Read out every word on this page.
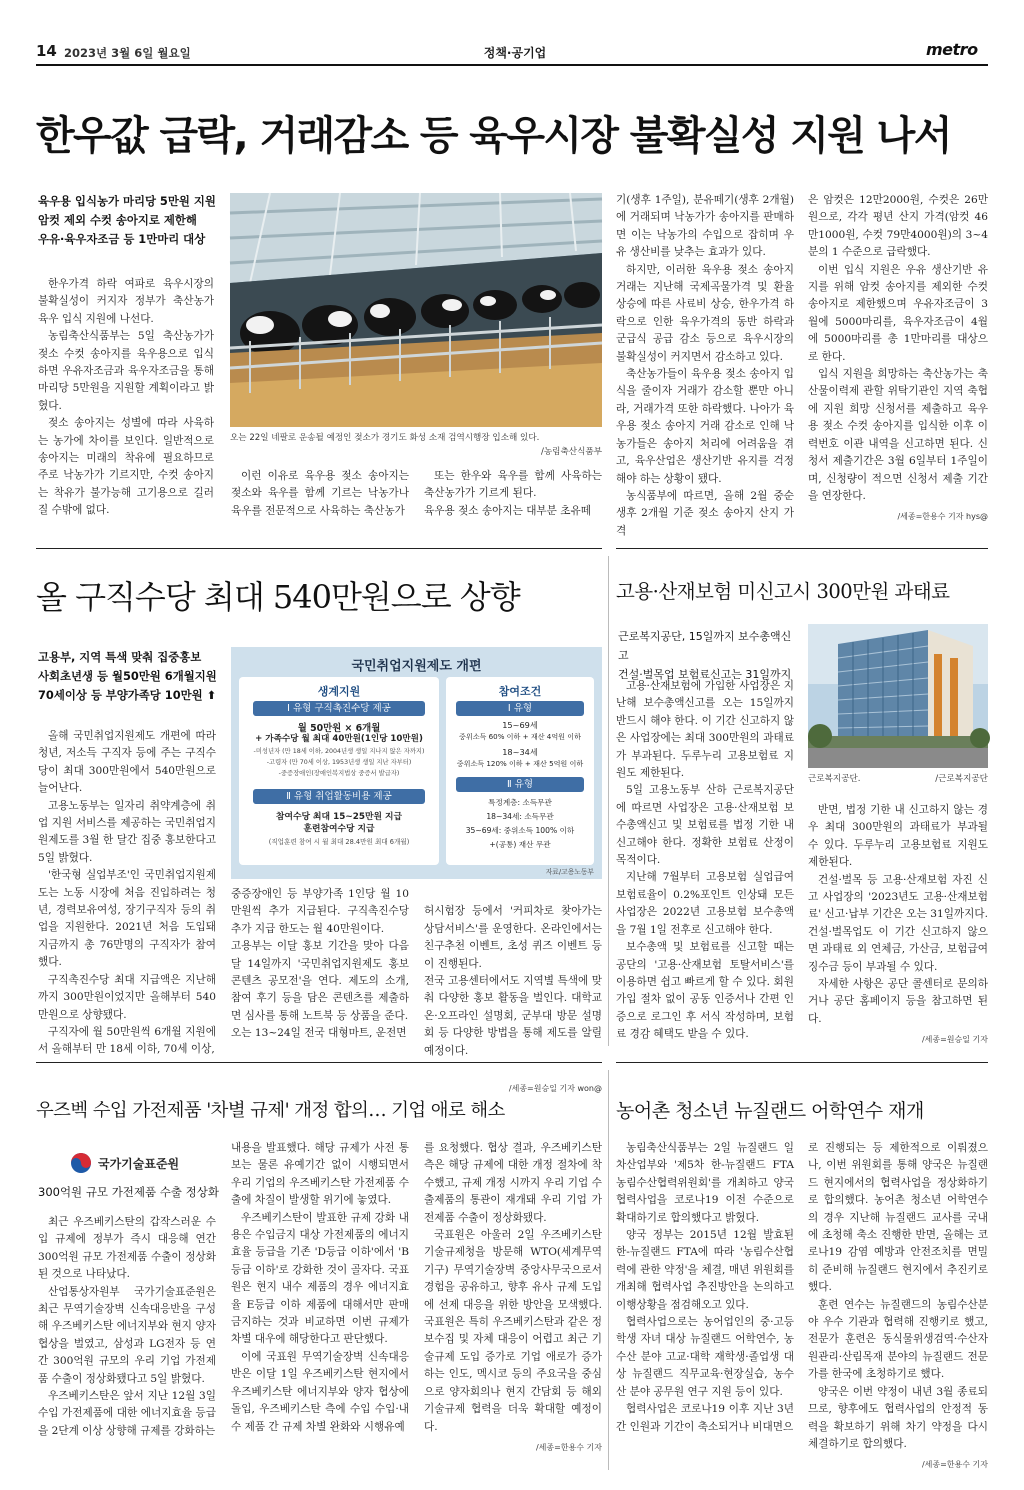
14 2023년 3월 6일 월요일	정책·공기업	metro
한우값 급락, 거래감소 등 육우시장 불확실성 지원 나서
육우용 입식농가 마리당 5만원 지원
암컷 제외 수컷 송아지로 제한해
우유·육우자조금 등 1만마리 대상

한우가격 하락 여파로 육우시장의 불확실성이 커지자 정부가 축산농가 육우 입식 지원에 나선다.

농림축산식품부는 5일 축산농가가 젖소 수컷 송아지를 육우용으로 입식하면 우유자조금과 육우자조금을 통해 마리당 5만원을 지원할 계획이라고 밝혔다.

젖소 송아지는 성별에 따라 사육하는 농가에 차이를 보인다. 일반적으로 송아지는 미래의 착유에 필요하므로 주로 낙농가가 기르지만, 수컷 송아지는 착유가 불가능해 고기용으로 길러질 수밖에 없다.

오는 22일 네팔로 운송될 예정인 젖소가 경기도 화성 소재 검역시행장 입소해 있다.
/농림축산식품부

이런 이유로 육우용 젖소 송아지는 젖소와 육우를 함께 기르는 낙농가나 육우를 전문적으로 사육하는 축산농가

또는 한우와 육우를 함께 사육하는 축산농가가 기르게 된다.
육우용 젖소 송아지는 대부분 초유떼

기(생후 1주일), 분유떼기(생후 2개월)에 거래되며 낙농가가 송아지를 판매하면 이는 낙농가의 수입으로 잡히며 우유 생산비를 낮추는 효과가 있다.

하지만, 이러한 육우용 젖소 송아지 거래는 지난해 국제곡물가격 및 환율 상승에 따른 사료비 상승, 한우가격 하락으로 인한 육우가격의 동반 하락과 군급식 공급 감소 등으로 육우시장의 불확실성이 커지면서 감소하고 있다.

축산농가들이 육우용 젖소 송아지 입식을 줄이자 거래가 감소할 뿐만 아니라, 거래가격 또한 하락했다. 나아가 육우용 젖소 송아지 거래 감소로 인해 낙농가들은 송아지 처리에 어려움을 겪고, 육우산업은 생산기반 유지를 걱정해야 하는 상황이 됐다.

농식품부에 따르면, 올해 2월 중순 생후 2개월 기준 젖소 송아지 산지 가격

은 암컷은 12만2000원, 수컷은 26만원으로, 각각 평년 산지 가격(암컷 46만1000원, 수컷 79만4000원)의 3~4분의 1 수준으로 급락했다.

이번 입식 지원은 우유 생산기반 유지를 위해 암컷 송아지를 제외한 수컷 송아지로 제한했으며 우유자조금이 3월에 5000마리를, 육우자조금이 4월에 5000마리를 총 1만마리를 대상으로 한다.

입식 지원을 희망하는 축산농가는 축산물이력제 관할 위탁기관인 지역 축협에 지원 희망 신청서를 제출하고 육우용 젖소 수컷 송아지를 입식한 이후 이력번호 이관 내역을 신고하면 된다. 신청서 제출기간은 3월 6일부터 1주일이며, 신청량이 적으면 신청서 제출 기간을 연장한다.

/세종=한용수 기자 hys@
올 구직수당 최대 540만원으로 상향
고용부, 지역 특색 맞춰 집중홍보
사회초년생 등 월50만원 6개월지원
70세이상 등 부양가족당 10만원 ⬆

올해 국민취업지원제도 개편에 따라 청년, 저소득 구직자 등에 주는 구직수당이 최대 300만원에서 540만원으로 늘어난다.

고용노동부는 일자리 취약계층에 취업 지원 서비스를 제공하는 국민취업지원제도를 3월 한 달간 집중 홍보한다고 5일 밝혔다.

'한국형 실업부조'인 국민취업지원제도는 노동 시장에 처음 진입하려는 청년, 경력보유여성, 장기구직자 등의 취업을 지원한다. 2021년 처음 도입돼 지금까지 총 76만명의 구직자가 참여했다.

구직촉진수당 최대 지급액은 지난해까지 300만원이었지만 올해부터 540만원으로 상향됐다.

구직자에 월 50만원씩 6개월 지원에서 올해부터 만 18세 이하, 70세 이상,

국민취업지원제도 개편
생계지원
Ⅰ 유형 구직촉진수당 제공
월 50만원 × 6개월
+ 가족수당 월 최대 40만원(1인당 10만원)
-미성년자 (만 18세 이하, 2004년생 생일 지나지 않은 자까지)
-고령자 (만 70세 이상, 1953년생 생일 지난 자부터)
-중증장애인(장애인복지법상 중증서 발급자)
Ⅱ 유형 취업활동비용 제공
참여수당 최대 15~25만원 지급
훈련참여수당 지급
(직업훈련 참여 시 월 최대 28.4만원 최대 6개월)
참여조건
Ⅰ 유형
15~69세
중위소득 60% 이하 + 재산 4억원 이하
18~34세
중위소득 120% 이하 + 재산 5억원 이하
Ⅱ 유형
특정계층: 소득무관
18~34세: 소득무관
35~69세: 중위소득 100% 이하
+(공통) 재산 무관
자료/고용노동부

중증장애인 등 부양가족 1인당 월 10만원씩 추가 지급된다. 구직촉진수당 추가 지급 한도는 월 40만원이다.
고용부는 이달 홍보 기간을 맞아 다음 달 14일까지 '국민취업지원제도 홍보콘텐츠 공모전'을 연다. 제도의 소개, 참여 후기 등을 담은 콘텐츠를 제출하면 심사를 통해 노트북 등 상품을 준다.
오는 13~24일 전국 대형마트, 운전면

허시험장 등에서 '커피차로 찾아가는 상담서비스'를 운영한다. 온라인에서는 친구추천 이벤트, 초성 퀴즈 이벤트 등이 진행된다.
전국 고용센터에서도 지역별 특색에 맞춰 다양한 홍보 활동을 벌인다. 대학교 온·오프라인 설명회, 군부대 방문 설명회 등 다양한 방법을 통해 제도를 알릴 예정이다.

/세종=원승일 기자 won@

고용·산재보험 미신고시 300만원 과태료
근로복지공단, 15일까지 보수총액신고
건설·벌목업 보험료신고는 31일까지

고용·산재보험에 가입한 사업장은 지난해 보수총액신고를 오는 15일까지 반드시 해야 한다. 이 기간 신고하지 않은 사업장에는 최대 300만원의 과태료가 부과된다. 두루누리 고용보험료 지원도 제한된다.

5일 고용노동부 산하 근로복지공단에 따르면 사업장은 고용·산재보험 보수총액신고 및 보험료를 법정 기한 내 신고해야 한다. 정확한 보험료 산정이 목적이다.

지난해 7월부터 고용보험 실업급여 보험료율이 0.2%포인트 인상돼 모든 사업장은 2022년 고용보험 보수총액을 7월 1일 전후로 신고해야 한다.

보수총액 및 보험료를 신고할 때는 공단의 '고용·산재보험 토탈서비스'를 이용하면 쉽고 빠르게 할 수 있다. 회원가입 절차 없이 공동 인증서나 간편 인증으로 로그인 후 서식 작성하며, 보험료 경감 혜택도 받을 수 있다.

근로복지공단.	/근로복지공단

반면, 법정 기한 내 신고하지 않는 경우 최대 300만원의 과태료가 부과될 수 있다. 두루누리 고용보험료 지원도 제한된다.

건설·벌목 등 고용·산재보험 자진 신고 사업장의 '2023년도 고용·산재보험료' 신고·납부 기간은 오는 31일까지다. 건설·벌목업도 이 기간 신고하지 않으면 과태료 외 연체금, 가산금, 보험급여 징수금 등이 부과될 수 있다.

자세한 사항은 공단 콜센터로 문의하거나 공단 홈페이지 등을 참고하면 된다.

/세종=원승일 기자
우즈벡 수입 가전제품 '차별 규제' 개정 합의… 기업 애로 해소
국가기술표준원
300억원 규모 가전제품 수출 정상화

최근 우즈베키스탄의 갑작스러운 수입 규제에 정부가 즉시 대응해 연간 300억원 규모 가전제품 수출이 정상화된 것으로 나타났다.

산업통상자원부 국가기술표준원은 최근 무역기술장벽 신속대응반을 구성해 우즈베키스탄 에너지부와 현지 양자협상을 벌였고, 삼성과 LG전자 등 연간 300억원 규모의 우리 기업 가전제품 수출이 정상화됐다고 5일 밝혔다.

우즈베키스탄은 앞서 지난 12월 3일 수입 가전제품에 대한 에너지효율 등급을 2단계 이상 상향해 규제를 강화하는

내용을 발표했다. 해당 규제가 사전 통보는 물론 유예기간 없이 시행되면서 우리 기업의 우즈베키스탄 가전제품 수출에 차질이 발생할 위기에 놓였다.

우즈베키스탄이 발표한 규제 강화 내용은 수입금지 대상 가전제품의 에너지효율 등급을 기존 'D등급 이하'에서 'B등급 이하'로 강화한 것이 골자다. 국표원은 현지 내수 제품의 경우 에너지효율 E등급 이하 제품에 대해서만 판매금지하는 것과 비교하면 이번 규제가 차별 대우에 해당한다고 판단했다.

이에 국표원 무역기술장벽 신속대응반은 이달 1일 우즈베키스탄 현지에서 우즈베키스탄 에너지부와 양자 협상에 돌입, 우즈베키스탄 측에 수입 수입·내수 제품 간 규제 차별 완화와 시행유예

를 요청했다. 협상 결과, 우즈베키스탄 측은 해당 규제에 대한 개정 절차에 착수했고, 규제 개정 시까지 우리 기업 수출제품의 통관이 재개돼 우리 기업 가전제품 수출이 정상화됐다.

국표원은 아울러 2일 우즈베키스탄 기술규제청을 방문해 WTO(세계무역기구) 무역기술장벽 중앙사무국으로서 경험을 공유하고, 향후 유사 규제 도입에 선제 대응을 위한 방안을 모색했다. 국표원은 특히 우즈베키스탄과 같은 정보수집 및 자체 대응이 어렵고 최근 기술규제 도입 증가로 기업 애로가 증가하는 인도, 멕시코 등의 주요국을 중심으로 양자회의나 현지 간담회 등 해외 기술규제 협력을 더욱 확대할 예정이다.

/세종=한용수 기자
농어촌 청소년 뉴질랜드 어학연수 재개

농림축산식품부는 2일 뉴질랜드 일차산업부와 '제5차 한-뉴질랜드 FTA 농림수산협력위원회'를 개최하고 양국 협력사업을 코로나19 이전 수준으로 확대하기로 합의했다고 밝혔다.

양국 정부는 2015년 12월 발효된 한-뉴질랜드 FTA에 따라 '농림수산협력에 관한 약정'을 체결, 매년 위원회를 개최해 협력사업 추진방안을 논의하고 이행상황을 점검해오고 있다.

협력사업으로는 농어업인의 중·고등학생 자녀 대상 뉴질랜드 어학연수, 농수산 분야 고교·대학 재학생·졸업생 대상 뉴질랜드 직무교육·현장실습, 농수산 분야 공무원 연구 지원 등이 있다.

협력사업은 코로나19 이후 지난 3년간 인원과 기간이 축소되거나 비대면으

로 진행되는 등 제한적으로 이뤄졌으나, 이번 위원회를 통해 양국은 뉴질랜드 현지에서의 협력사업을 정상화하기로 합의했다. 농어촌 청소년 어학연수의 경우 지난해 뉴질랜드 교사를 국내에 초청해 축소 진행한 반면, 올해는 코로나19 감염 예방과 안전조치를 면밀히 준비해 뉴질랜드 현지에서 추진키로 했다.

훈련 연수는 뉴질랜드의 농림수산분야 우수 기관과 협력해 진행키로 했고, 전문가 훈련은 동식물위생검역·수산자원관리·산림목재 분야의 뉴질랜드 전문가를 한국에 초청하기로 했다.

양국은 이번 약정이 내년 3월 종료되므로, 향후에도 협력사업의 안정적 동력을 확보하기 위해 차기 약정을 다시 체결하기로 합의했다.

/세종=한용수 기자
